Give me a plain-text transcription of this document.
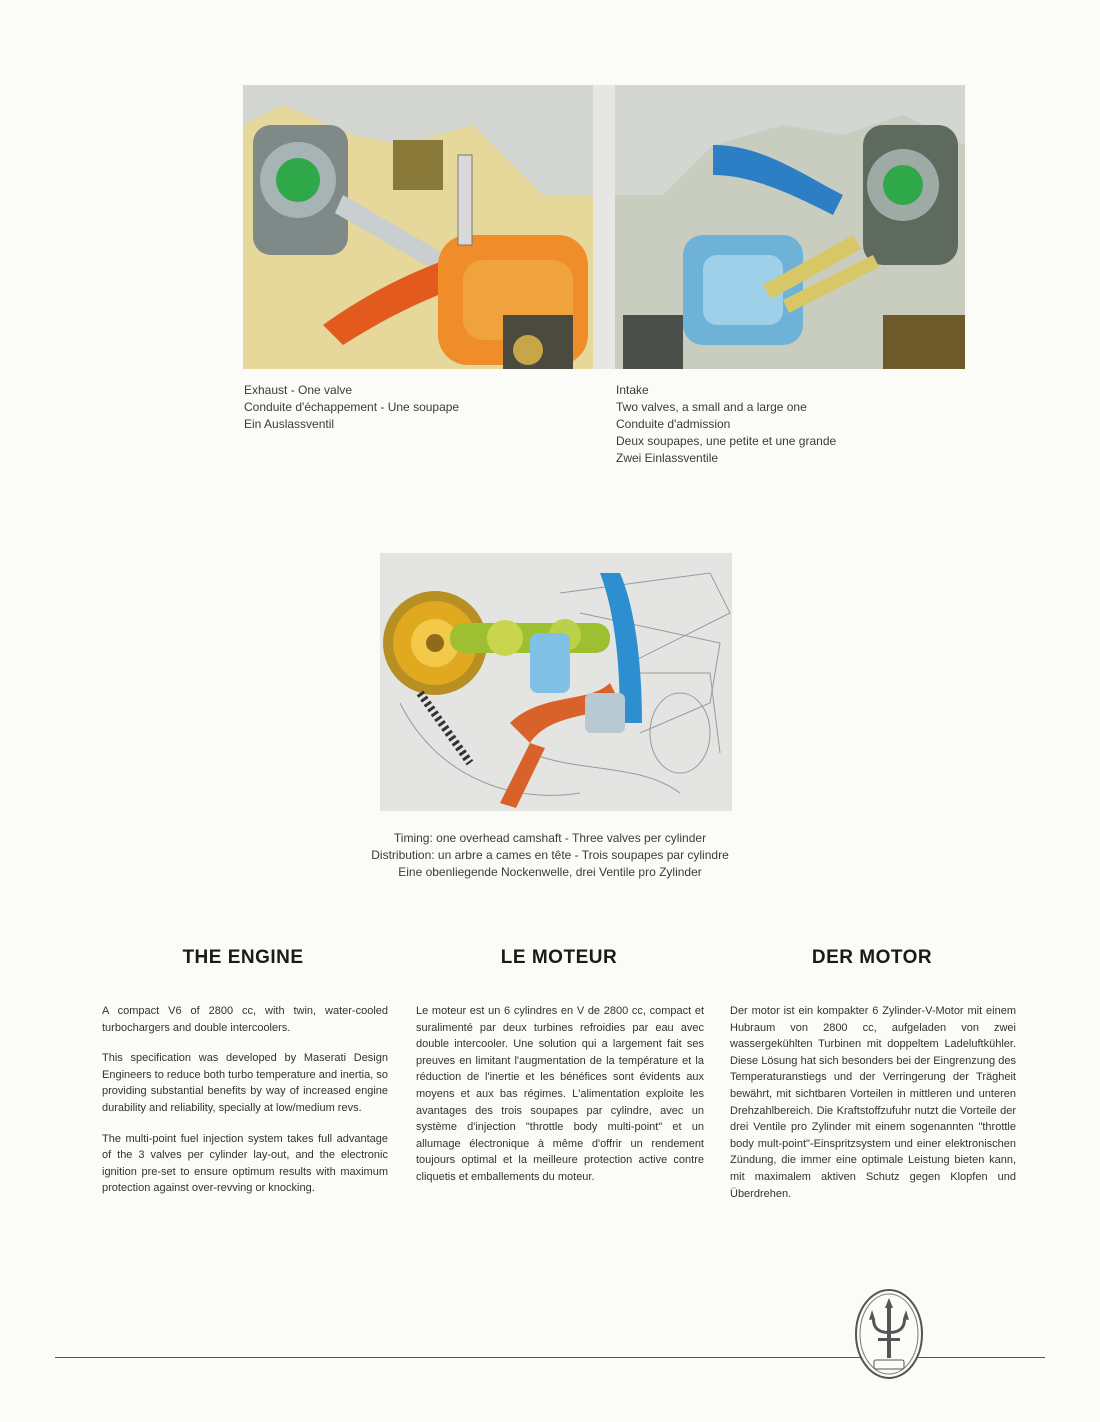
Exhaust - One valve
Conduite d'échappement - Une soupape
Ein Auslassventil
Intake
Two valves, a small and a large one
Conduite d'admission
Deux soupapes, une petite et une grande
Zwei Einlassventile
Timing: one overhead camshaft - Three valves per cylinder
Distribution: un arbre a cames en tête - Trois soupapes par cylindre
Eine obenliegende Nockenwelle, drei Ventile pro Zylinder
THE ENGINE	LE MOTEUR	DER MOTOR

A compact V6 of 2800 cc, with twin, water-cooled turbochargers and double intercoolers.

This specification was developed by Maserati Design Engineers to reduce both turbo temperature and inertia, so providing substantial benefits by way of increased engine durability and reliability, specially at low/medium revs.

The multi-point fuel injection system takes full advantage of the 3 valves per cylinder lay-out, and the electronic ignition pre-set to ensure optimum results with maximum protection against over-revving or knocking.

Le moteur est un 6 cylindres en V de 2800 cc, compact et suralimenté par deux turbines refroidies par eau avec double intercooler. Une solution qui a largement fait ses preuves en limitant l'augmentation de la température et la réduction de l'inertie et les bénéfices sont évidents aux moyens et aux bas régimes. L'alimentation exploite les avantages des trois soupapes par cylindre, avec un système d'injection "throttle body multi-point" et un allumage électronique à même d'offrir un rendement toujours optimal et la meilleure protection active contre cliquetis et emballements du moteur.

Der motor ist ein kompakter 6 Zylinder-V-Motor mit einem Hubraum von 2800 cc, aufgeladen von zwei wassergekühlten Turbinen mit doppeltem Ladeluftkühler. Diese Lösung hat sich besonders bei der Eingrenzung des Temperaturanstiegs und der Verringerung der Trägheit bewährt, mit sichtbaren Vorteilen in mittleren und unteren Drehzahlbereich. Die Kraftstoffzufuhr nutzt die Vorteile der drei Ventile pro Zylinder mit einem sogenannten "throttle body mult-point"-Einspritzsystem und einer elektronischen Zündung, die immer eine optimale Leistung bieten kann, mit maximalem aktiven Schutz gegen Klopfen und Überdrehen.
